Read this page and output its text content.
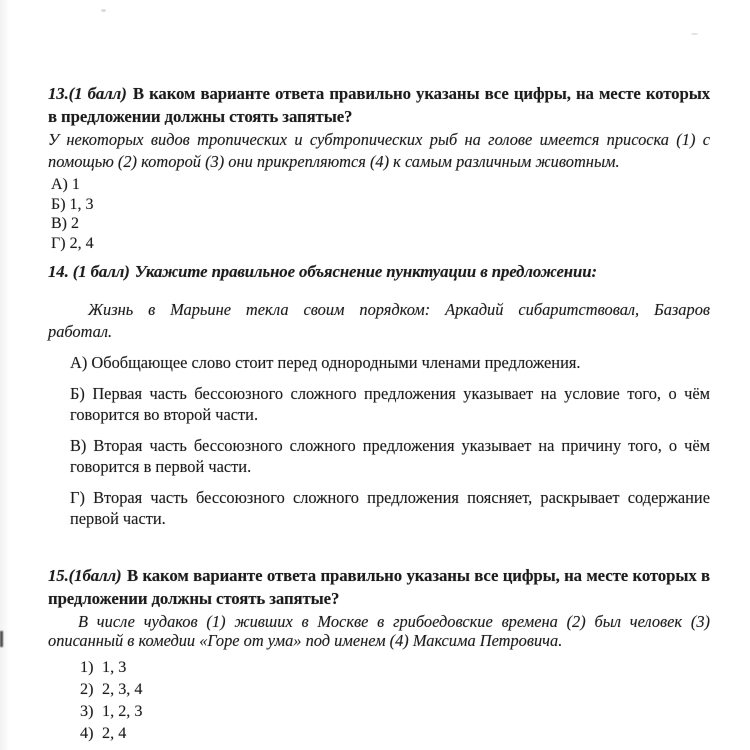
13.(1 балл) В каком варианте ответа правильно указаны все цифры, на месте которых в предложении должны стоять запятые?

У некоторых видов тропических и субтропических рыб на голове имеется присоска (1) с помощью (2) которой (3) они прикрепляются (4) к самым различным животным.

А) 1
Б) 1, 3
В) 2
Г) 2, 4

14. (1 балл) Укажите правильное объяснение пунктуации в предложении:

Жизнь в Марьине текла своим порядком: Аркадий сибаритствовал, Базаров работал.

А) Обобщающее слово стоит перед однородными членами предложения.

Б) Первая часть бессоюзного сложного предложения указывает на условие того, о чём говорится во второй части.

В) Вторая часть бессоюзного сложного предложения указывает на причину того, о чём говорится в первой части.

Г) Вторая часть бессоюзного сложного предложения поясняет, раскрывает содержание первой части.

15.(1балл) В каком варианте ответа правильно указаны все цифры, на месте которых в предложении должны стоять запятые?

В числе чудаков (1) живших в Москве в грибоедовские времена (2) был человек (3) описанный в комедии «Горе от ума» под именем (4) Максима Петровича.

1) 1, 3
2) 2, 3, 4
3) 1, 2, 3
4) 2, 4
